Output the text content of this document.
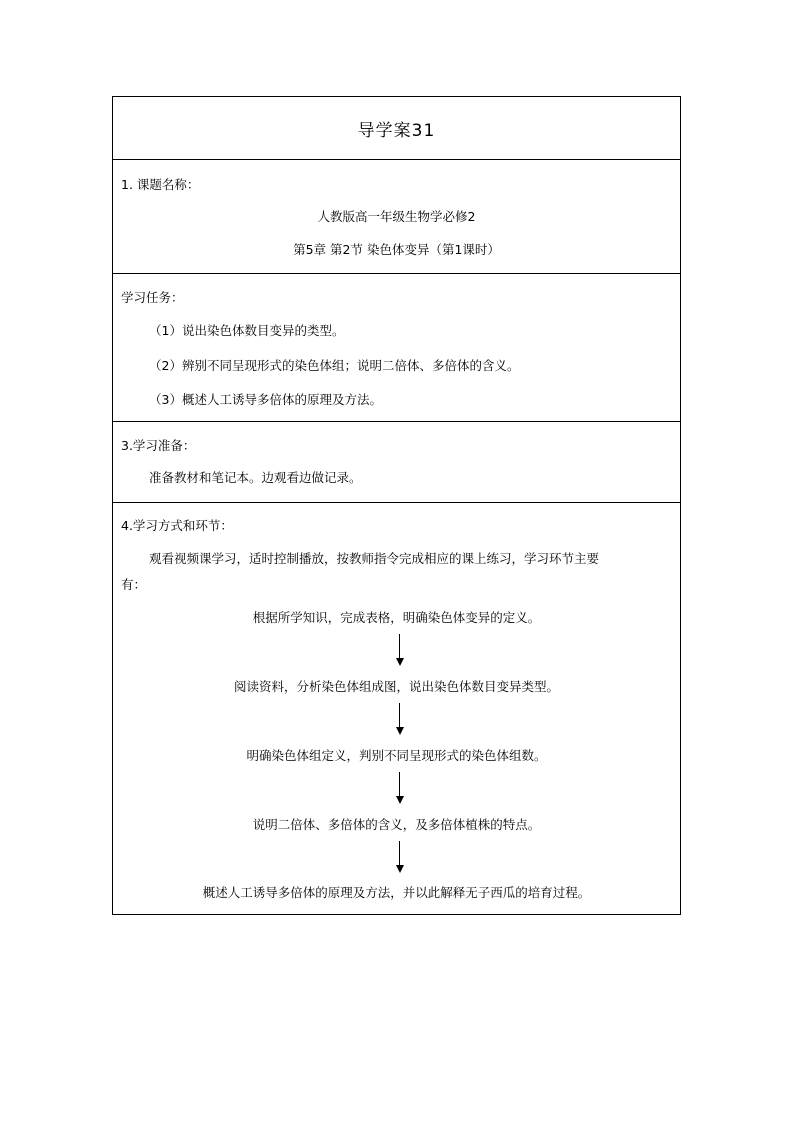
导学案31
1. 课题名称：
人教版高一年级生物学必修2
第5章 第2节 染色体变异（第1课时）
学习任务：
（1）说出染色体数目变异的类型。
（2）辨别不同呈现形式的染色体组；说明二倍体、多倍体的含义。
（3）概述人工诱导多倍体的原理及方法。
3.学习准备：
准备教材和笔记本。边观看边做记录。
4.学习方式和环节：
观看视频课学习，适时控制播放，按教师指令完成相应的课上练习，学习环节主要
有：
根据所学知识，完成表格，明确染色体变异的定义。
阅读资料，分析染色体组成图，说出染色体数目变异类型。
明确染色体组定义，判别不同呈现形式的染色体组数。
说明二倍体、多倍体的含义，及多倍体植株的特点。
概述人工诱导多倍体的原理及方法，并以此解释无子西瓜的培育过程。
